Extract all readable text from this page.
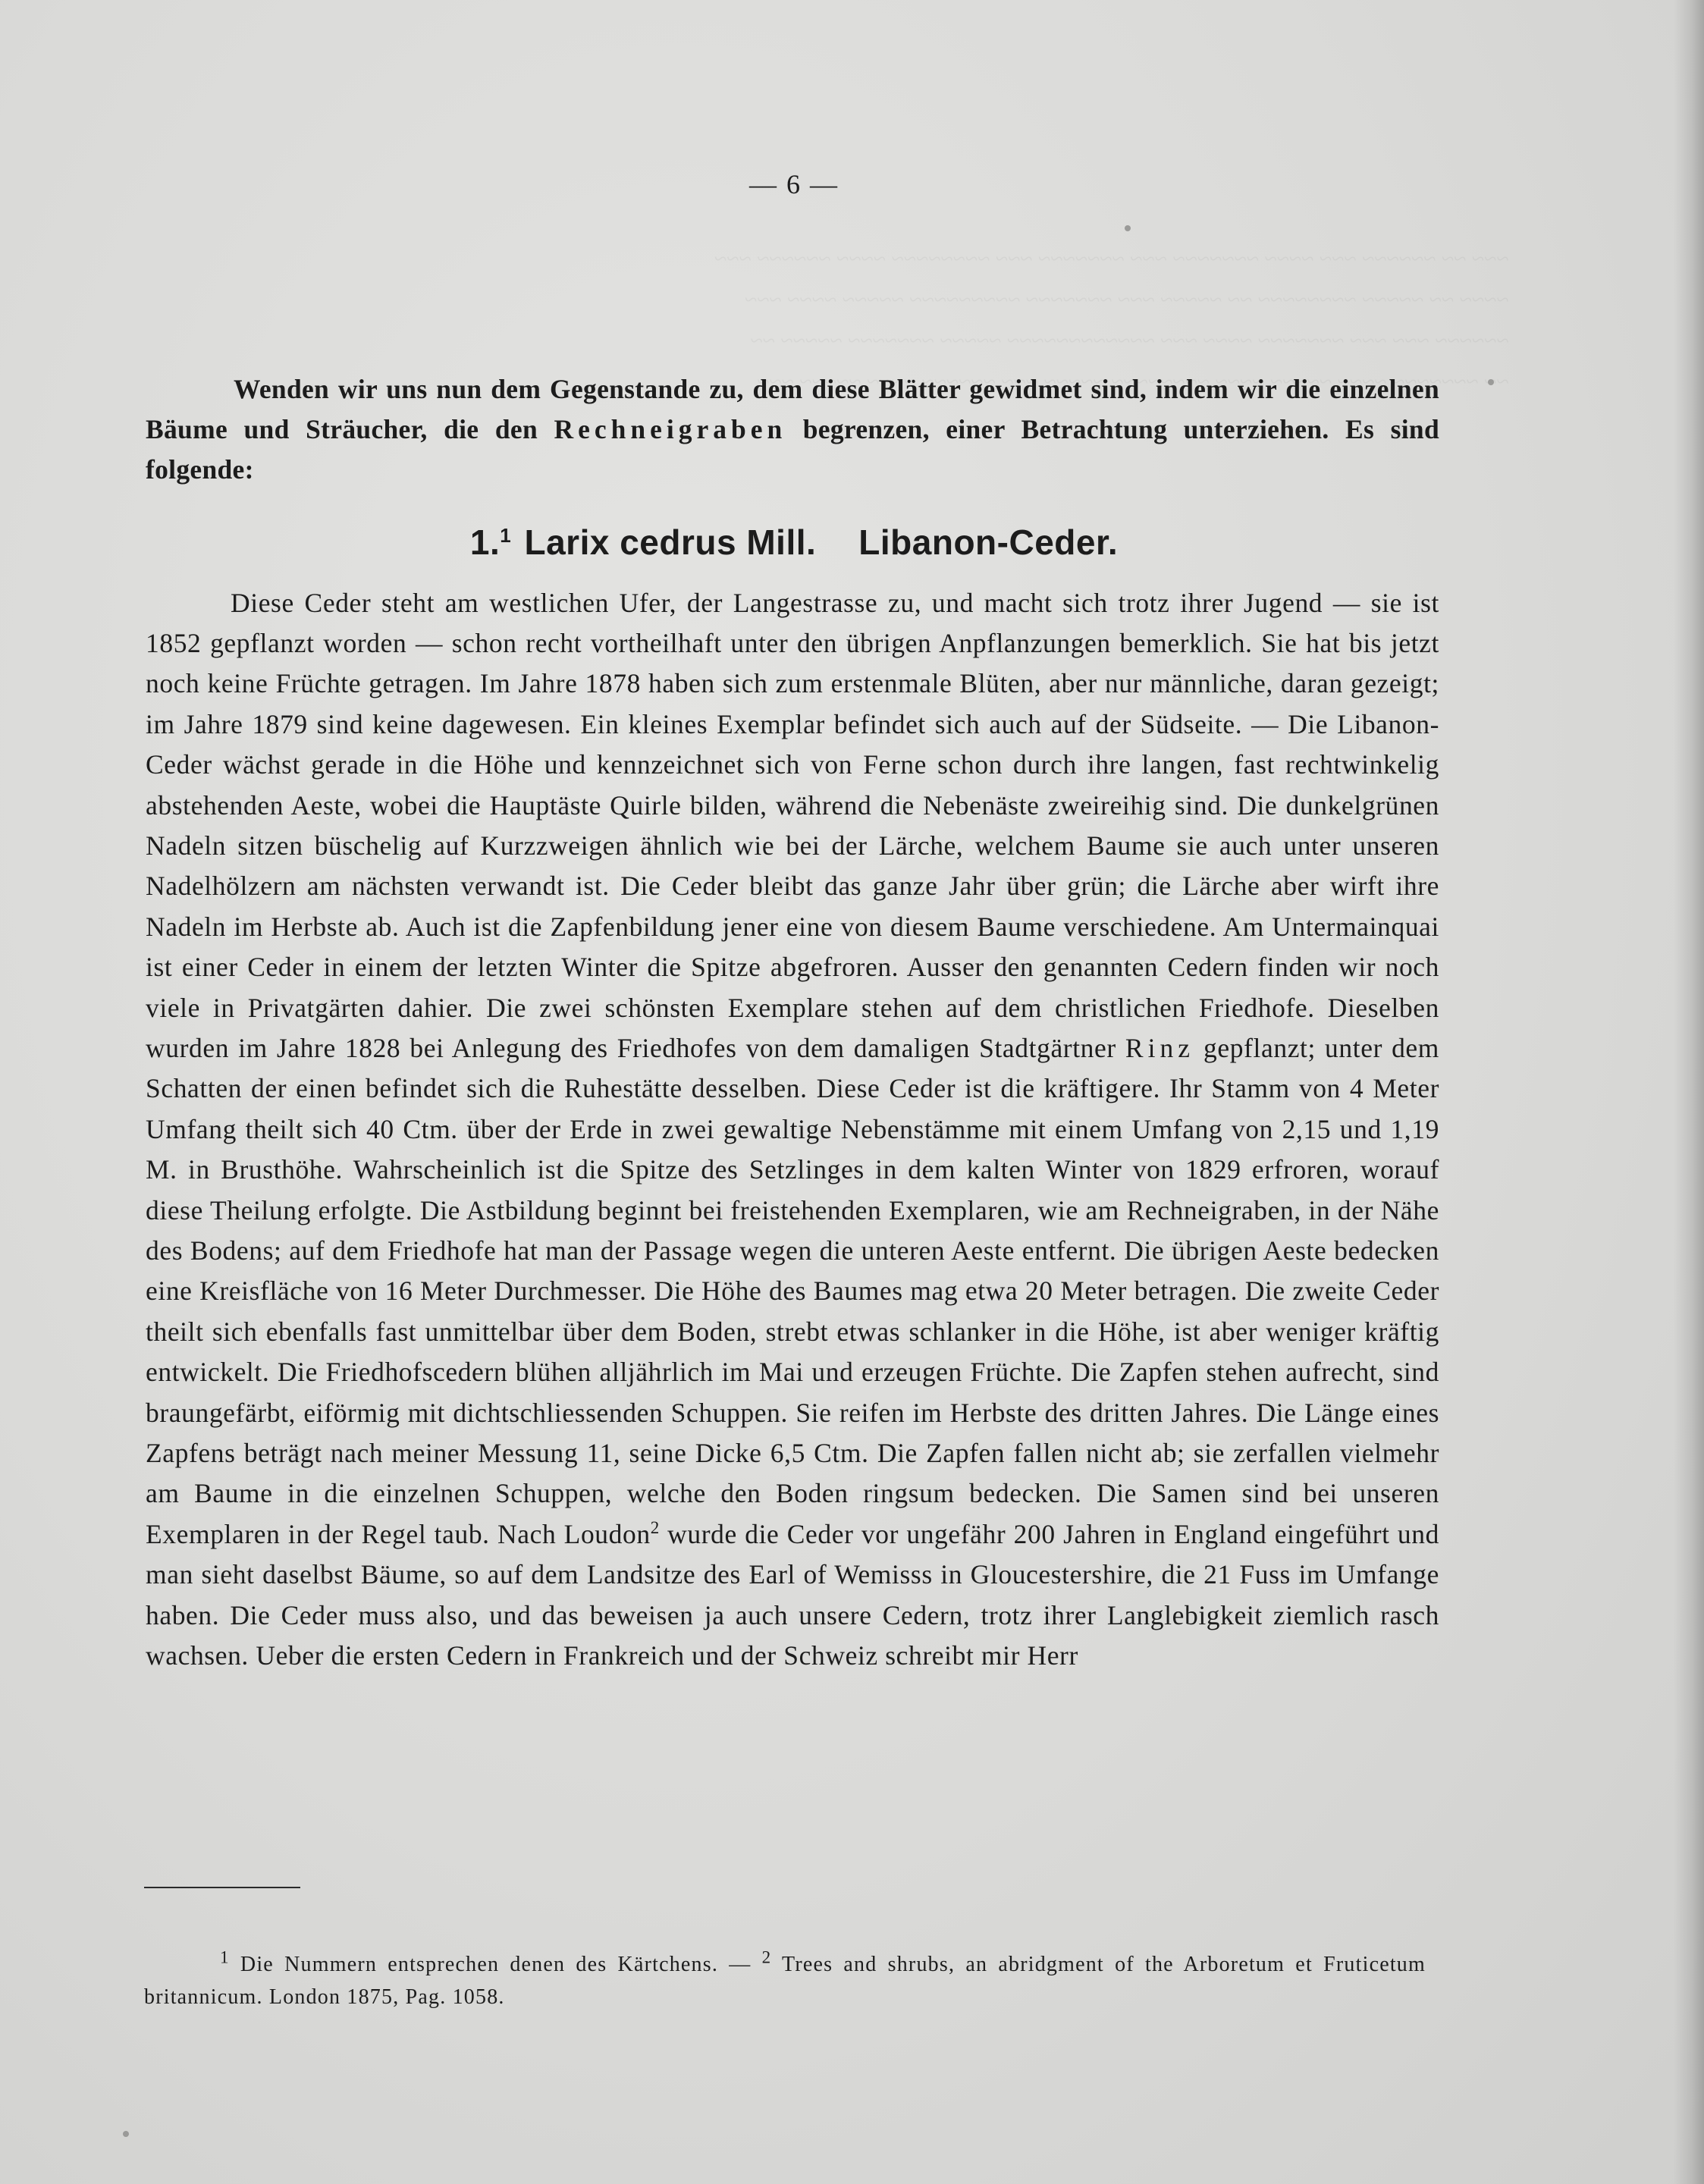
— 6 —

Wenden wir uns nun dem Gegenstande zu, dem diese Blätter gewidmet sind, indem wir die einzelnen Bäume und Sträucher, die den Rechneigraben begrenzen, einer Betrachtung unterziehen. Es sind folgende:

1.$^1$ Larix cedrus Mill. Libanon-Ceder.

Diese Ceder steht am westlichen Ufer, der Langestrasse zu, und macht sich trotz ihrer Jugend — sie ist 1852 gepflanzt worden — schon recht vortheilhaft unter den übrigen Anpflanzungen bemerklich. Sie hat bis jetzt noch keine Früchte getragen. Im Jahre 1878 haben sich zum erstenmale Blüten, aber nur männliche, daran gezeigt; im Jahre 1879 sind keine dagewesen. Ein kleines Exemplar befindet sich auch auf der Südseite. — Die Libanon-Ceder wächst gerade in die Höhe und kennzeichnet sich von Ferne schon durch ihre langen, fast rechtwinkelig abstehenden Aeste, wobei die Hauptäste Quirle bilden, während die Nebenäste zweireihig sind. Die dunkelgrünen Nadeln sitzen büschelig auf Kurzzweigen ähnlich wie bei der Lärche, welchem Baume sie auch unter unseren Nadelhölzern am nächsten verwandt ist. Die Ceder bleibt das ganze Jahr über grün; die Lärche aber wirft ihre Nadeln im Herbste ab. Auch ist die Zapfenbildung jener eine von diesem Baume verschiedene. Am Untermainquai ist einer Ceder in einem der letzten Winter die Spitze abgefroren. Ausser den genannten Cedern finden wir noch viele in Privatgärten dahier. Die zwei schönsten Exemplare stehen auf dem christlichen Friedhofe. Dieselben wurden im Jahre 1828 bei Anlegung des Friedhofes von dem damaligen Stadtgärtner Rinz gepflanzt; unter dem Schatten der einen befindet sich die Ruhestätte desselben. Diese Ceder ist die kräftigere. Ihr Stamm von 4 Meter Umfang theilt sich 40 Ctm. über der Erde in zwei gewaltige Nebenstämme mit einem Umfang von 2,15 und 1,19 M. in Brusthöhe. Wahrscheinlich ist die Spitze des Setzlinges in dem kalten Winter von 1829 erfroren, worauf diese Theilung erfolgte. Die Astbildung beginnt bei freistehenden Exemplaren, wie am Rechneigraben, in der Nähe des Bodens; auf dem Friedhofe hat man der Passage wegen die unteren Aeste entfernt. Die übrigen Aeste bedecken eine Kreisfläche von 16 Meter Durchmesser. Die Höhe des Baumes mag etwa 20 Meter betragen. Die zweite Ceder theilt sich ebenfalls fast unmittelbar über dem Boden, strebt etwas schlanker in die Höhe, ist aber weniger kräftig entwickelt. Die Friedhofscedern blühen alljährlich im Mai und erzeugen Früchte. Die Zapfen stehen aufrecht, sind braungefärbt, eiförmig mit dichtschliessenden Schuppen. Sie reifen im Herbste des dritten Jahres. Die Länge eines Zapfens beträgt nach meiner Messung 11, seine Dicke 6,5 Ctm. Die Zapfen fallen nicht ab; sie zerfallen vielmehr am Baume in die einzelnen Schuppen, welche den Boden ringsum bedecken. Die Samen sind bei unseren Exemplaren in der Regel taub. Nach Loudon$^2$ wurde die Ceder vor ungefähr 200 Jahren in England eingeführt und man sieht daselbst Bäume, so auf dem Landsitze des Earl of Wemisss in Gloucestershire, die 21 Fuss im Umfange haben. Die Ceder muss also, und das beweisen ja auch unsere Cedern, trotz ihrer Langlebigkeit ziemlich rasch wachsen. Ueber die ersten Cedern in Frankreich und der Schweiz schreibt mir Herr

$^1$ Die Nummern entsprechen denen des Kärtchens. — $^2$ Trees and shrubs, an abridgment of the Arboretum et Fruticetum britannicum. London 1875, Pag. 1058.
